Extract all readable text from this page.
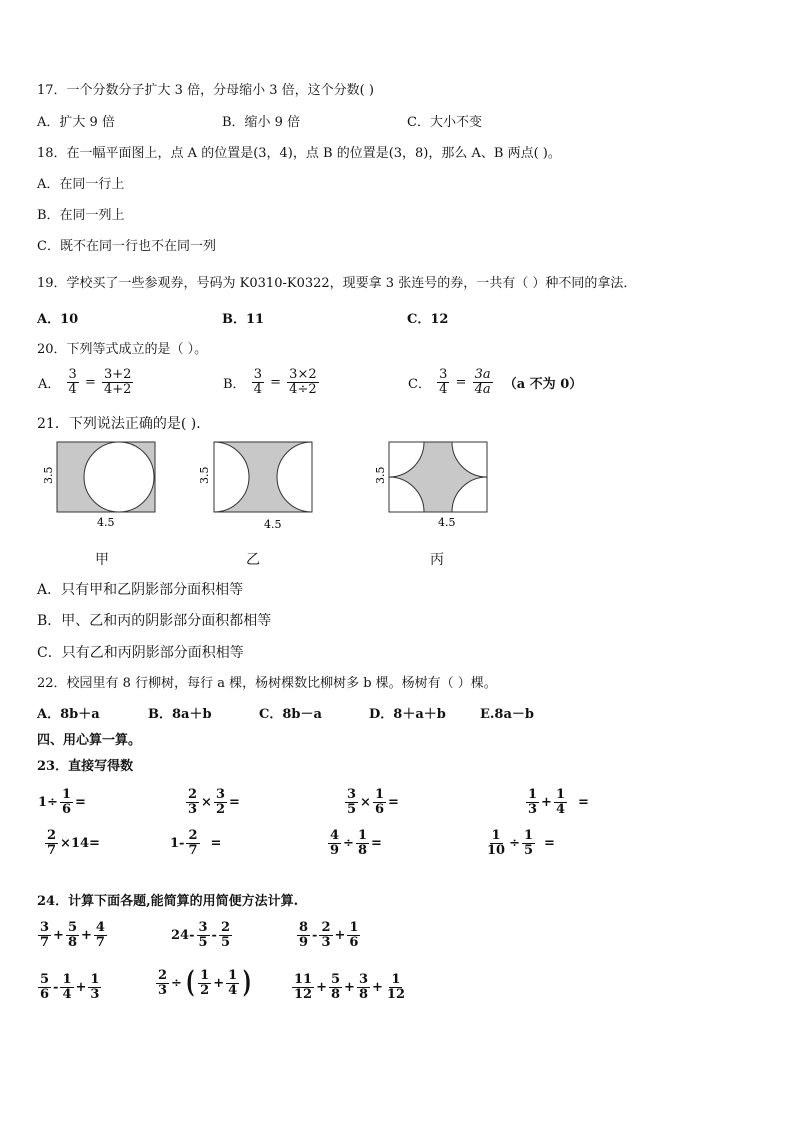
17．一个分数分子扩大 3 倍，分母缩小 3 倍，这个分数( )
A．扩大 9 倍	B．缩小 9 倍	C．大小不变
18．在一幅平面图上，点 A 的位置是(3，4)，点 B 的位置是(3，8)，那么 A、B 两点( )。
A．在同一行上
B．在同一列上
C．既不在同一行也不在同一列
19．学校买了一些参观券，号码为 K0310-K0322，现要拿 3 张连号的券，一共有（ ）种不同的拿法．
A．10	B．11	C．12
20．下列等式成立的是（ ）。
A． $\frac{3}{4} = \frac{3+2}{4+2}$	B． $\frac{3}{4} = \frac{3\times 2}{4\div 2}$	C． $\frac{3}{4} = \frac{3a}{4a} (a$ 不为 0）
21．下列说法正确的是( )．
3.5
4.5
3.5
4.5
3.5
4.5
甲	乙	丙
A．只有甲和乙阴影部分面积相等
B．甲、乙和丙的阴影部分面积都相等
C．只有乙和丙阴影部分面积相等
22．校园里有 8 行柳树，每行 a 棵，杨树棵数比柳树多 b 棵。杨树有（ ）棵。
A．8b＋a	B．8a＋b	C．8b－a	D．8＋a＋b	E.8a－b
四、用心算一算。
23．直接写得数
$1\div \frac{1}{6}$ =	$\frac{2}{3} \times \frac{3}{2}$ =	$\frac{3}{5} \times \frac{1}{6}$ =	$\frac{1}{3} + \frac{1}{4}$ =
$\frac{2}{7} \times 14=$	$1- \frac{2}{7}$ =	$\frac{4}{9} \div \frac{1}{8}$ =	$\frac{1}{10} \div \frac{1}{5}$ =
24．计算下面各题,能简算的用简便方法计算.
$\frac{3}{7} + \frac{5}{8} + \frac{4}{7}$	$24- \frac{3}{5} - \frac{2}{5}$	$\frac{8}{9} - \frac{2}{3} + \frac{1}{6}$
$\frac{5}{6} - \frac{1}{4} + \frac{1}{3}$	$\frac{2}{3}$ ÷ ( $\frac{1}{2} + \frac{1}{4}$ )	$\frac{11}{12} + \frac{5}{8} + \frac{3}{8} + \frac{1}{12}$
